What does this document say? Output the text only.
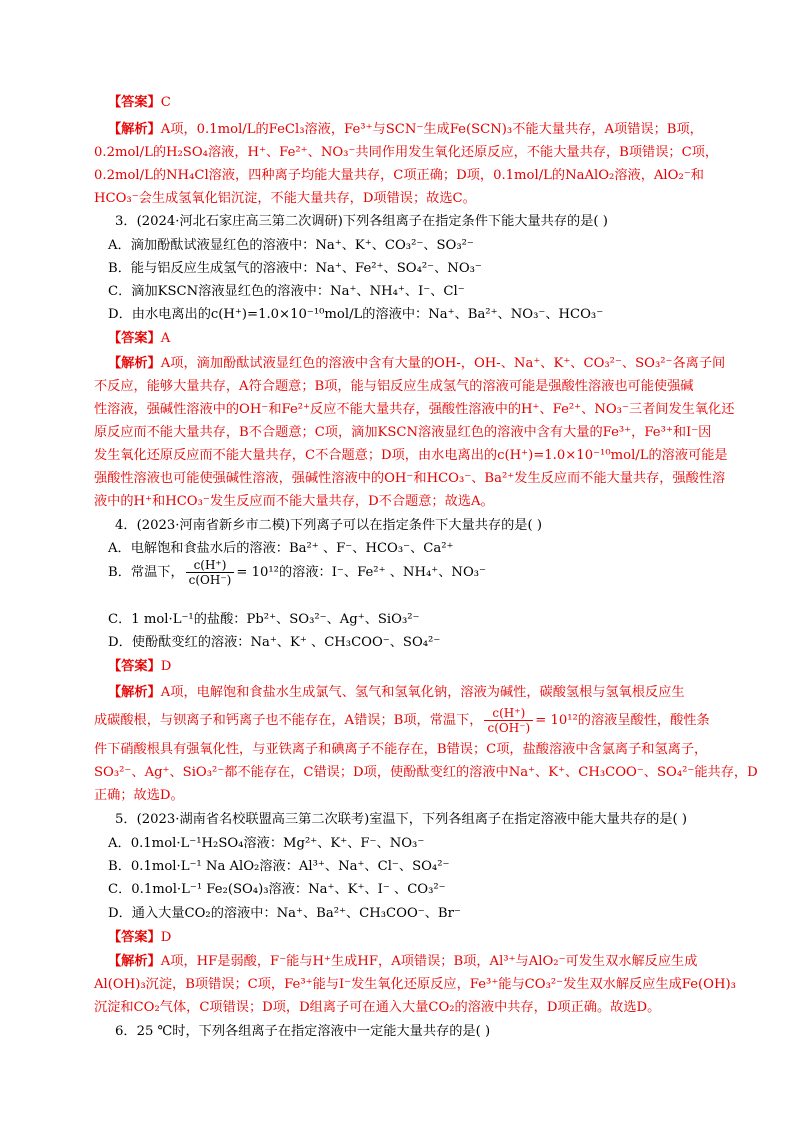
【答案】C
【解析】A项，0.1mol/L的FeCl₃溶液，Fe³⁺与SCN⁻生成Fe(SCN)₃不能大量共存，A项错误；B项，
0.2mol/L的H₂SO₄溶液，H⁺、Fe²⁺、NO₃⁻共同作用发生氧化还原反应，不能大量共存，B项错误；C项，
0.2mol/L的NH₄Cl溶液，四种离子均能大量共存，C项正确；D项，0.1mol/L的NaAlO₂溶液，AlO₂⁻和
HCO₃⁻会生成氢氧化铝沉淀，不能大量共存，D项错误；故选C。
3．(2024·河北石家庄高三第二次调研)下列各组离子在指定条件下能大量共存的是( )
A．滴加酚酞试液显红色的溶液中：Na⁺、K⁺、CO₃²⁻、SO₃²⁻
B．能与铝反应生成氢气的溶液中：Na⁺、Fe²⁺、SO₄²⁻、NO₃⁻
C．滴加KSCN溶液显红色的溶液中：Na⁺、NH₄⁺、I⁻、Cl⁻
D．由水电离出的c(H⁺)=1.0×10⁻¹⁰mol/L的溶液中：Na⁺、Ba²⁺、NO₃⁻、HCO₃⁻
【答案】A
【解析】A项，滴加酚酞试液显红色的溶液中含有大量的OH-，OH-、Na⁺、K⁺、CO₃²⁻、SO₃²⁻各离子间
不反应，能够大量共存，A符合题意；B项，能与铝反应生成氢气的溶液可能是强酸性溶液也可能使强碱
性溶液，强碱性溶液中的OH⁻和Fe²⁺反应不能大量共存，强酸性溶液中的H⁺、Fe²⁺、NO₃⁻三者间发生氧化还
原反应而不能大量共存，B不合题意；C项，滴加KSCN溶液显红色的溶液中含有大量的Fe³⁺，Fe³⁺和I⁻因
发生氧化还原反应而不能大量共存，C不合题意；D项，由水电离出的c(H⁺)=1.0×10⁻¹⁰mol/L的溶液可能是
强酸性溶液也可能使强碱性溶液，强碱性溶液中的OH⁻和HCO₃⁻、Ba²⁺发生反应而不能大量共存，强酸性溶
液中的H⁺和HCO₃⁻发生反应而不能大量共存，D不合题意；故选A。
4．(2023·河南省新乡市二模)下列离子可以在指定条件下大量共存的是( )
A．电解饱和食盐水后的溶液：Ba²⁺ 、F⁻、HCO₃⁻、Ca²⁺
B．常温下， $\frac{c(H^+)}{c(OH^-)} = 10^{12}$的溶液：I⁻、Fe²⁺ 、NH₄⁺、NO₃⁻
C．1 mol·L⁻¹的盐酸：Pb²⁺、SO₃²⁻、Ag⁺、SiO₃²⁻
D．使酚酞变红的溶液：Na⁺、K⁺ 、CH₃COO⁻、SO₄²⁻
【答案】D
【解析】A项，电解饱和食盐水生成氯气、氢气和氢氧化钠，溶液为碱性，碳酸氢根与氢氧根反应生
成碳酸根，与钡离子和钙离子也不能存在，A错误；B项，常温下， $\frac{c(H^+)}{c(OH^-)} = 10^{12}$的溶液呈酸性，酸性条
件下硝酸根具有强氧化性，与亚铁离子和碘离子不能存在，B错误；C项，盐酸溶液中含氯离子和氢离子，
SO₃²⁻、Ag⁺、SiO₃²⁻都不能存在，C错误；D项，使酚酞变红的溶液中Na⁺、K⁺、CH₃COO⁻、SO₄²⁻能共存，D
正确；故选D。
5．(2023·湖南省名校联盟高三第二次联考)室温下，下列各组离子在指定溶液中能大量共存的是( )
A．0.1mol·L⁻¹H₂SO₄溶液：Mg²⁺、K⁺、F⁻、NO₃⁻
B．0.1mol·L⁻¹ Na AlO₂溶液：Al³⁺、Na⁺、Cl⁻、SO₄²⁻
C．0.1mol·L⁻¹ Fe₂(SO₄)₃溶液：Na⁺、K⁺、I⁻ 、CO₃²⁻
D．通入大量CO₂的溶液中：Na⁺、Ba²⁺、CH₃COO⁻、Br⁻
【答案】D
【解析】A项，HF是弱酸，F⁻能与H⁺生成HF，A项错误；B项，Al³⁺与AlO₂⁻可发生双水解反应生成
Al(OH)₃沉淀，B项错误；C项，Fe³⁺能与I⁻发生氧化还原反应，Fe³⁺能与CO₃²⁻发生双水解反应生成Fe(OH)₃
沉淀和CO₂气体，C项错误；D项，D组离子可在通入大量CO₂的溶液中共存，D项正确。故选D。
6．25 ℃时，下列各组离子在指定溶液中一定能大量共存的是( )
